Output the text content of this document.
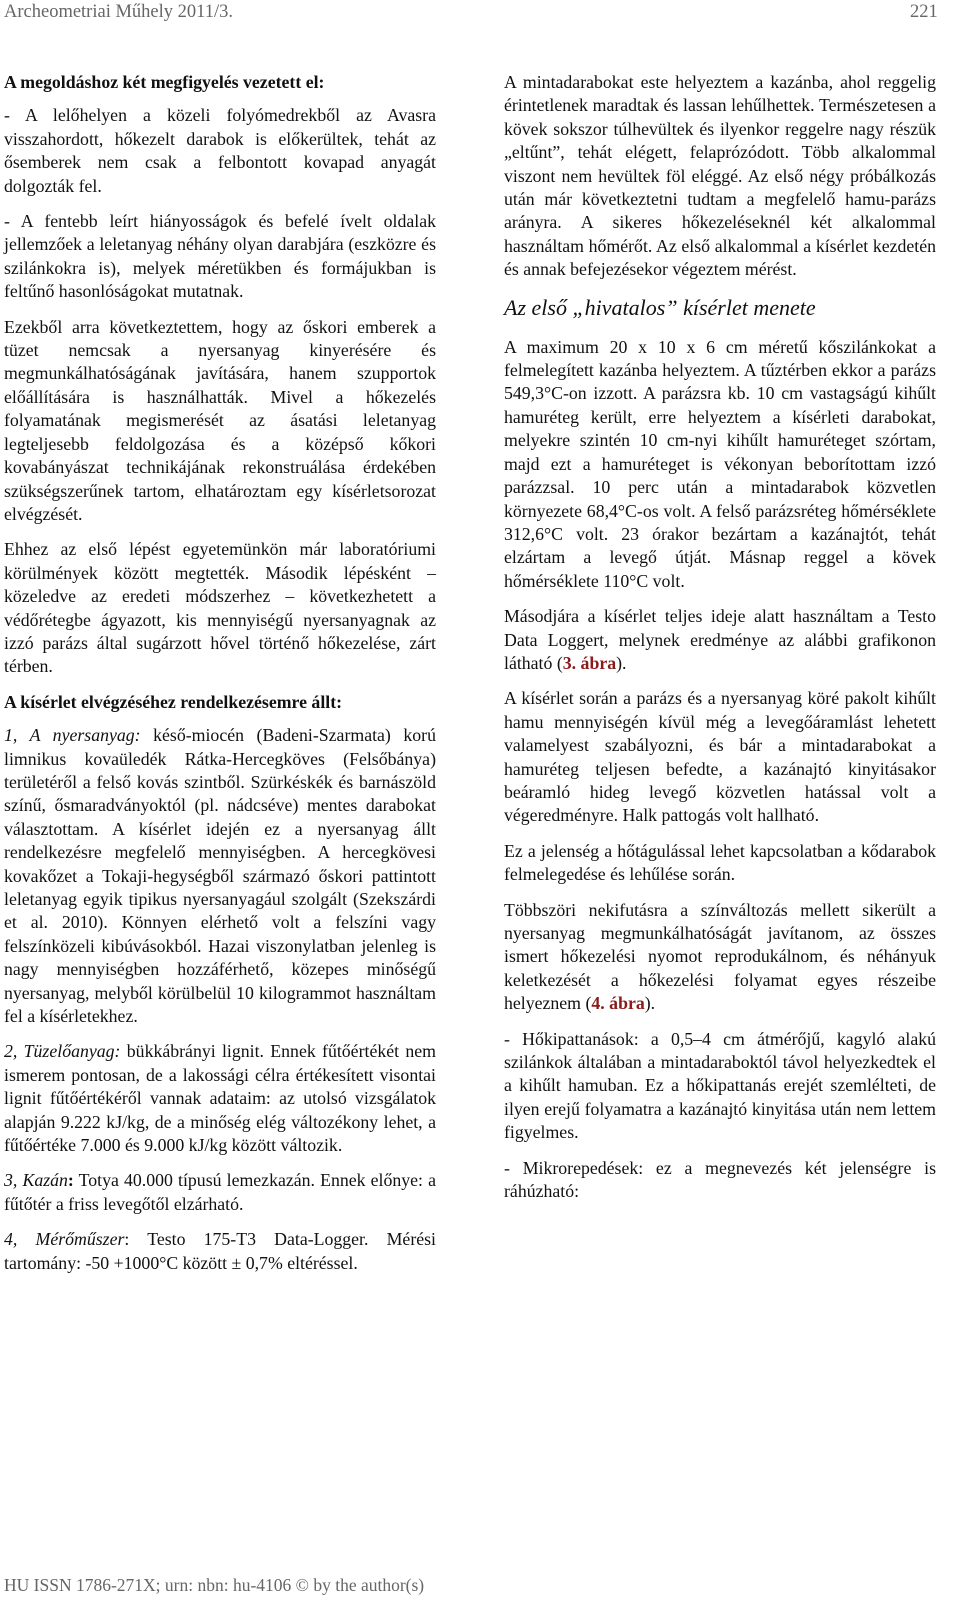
Archeometriai Műhely 2011/3.	221

A megoldáshoz két megfigyelés vezetett el:

- A lelőhelyen a közeli folyómedrekből az Avasra visszahordott, hőkezelt darabok is előkerültek, tehát az ősemberek nem csak a felbontott kovapad anyagát dolgozták fel.

- A fentebb leírt hiányosságok és befelé ívelt oldalak jellemzőek a leletanyag néhány olyan darabjára (eszközre és szilánkokra is), melyek méretükben és formájukban is feltűnő hasonlóságokat mutatnak.

Ezekből arra következtettem, hogy az őskori emberek a tüzet nemcsak a nyersanyag kinyerésére és megmunkálhatóságának javítására, hanem szupportok előállítására is használhatták. Mivel a hőkezelés folyamatának megismerését az ásatási leletanyag legteljesebb feldolgozása és a középső kőkori kovabányászat technikájának rekonstruálása érdekében szükségszerűnek tartom, elhatároztam egy kísérletsorozat elvégzését.

Ehhez az első lépést egyetemünkön már laboratóriumi körülmények között megtették. Második lépésként – közeledve az eredeti módszerhez – következhetett a védőrétegbe ágyazott, kis mennyiségű nyersanyagnak az izzó parázs által sugárzott hővel történő hőkezelése, zárt térben.

A kísérlet elvégzéséhez rendelkezésemre állt:

1, A nyersanyag: késő-miocén (Badeni-Szarmata) korú limnikus kovaüledék Rátka-Hercegköves (Felsőbánya) területéről a felső kovás szintből. Szürkéskék és barnászöld színű, ősmaradványoktól (pl. nádcséve) mentes darabokat választottam. A kísérlet idején ez a nyersanyag állt rendelkezésre megfelelő mennyiségben. A hercegkövesi kovakőzet a Tokaji-hegységből származó őskori pattintott leletanyag egyik tipikus nyersanyagául szolgált (Szekszárdi et al. 2010). Könnyen elérhető volt a felszíni vagy felszínközeli kibúvásokból. Hazai viszonylatban jelenleg is nagy mennyiségben hozzáférhető, közepes minőségű nyersanyag, melyből körülbelül 10 kilogrammot használtam fel a kísérletekhez.

2, Tüzelőanyag: bükkábrányi lignit. Ennek fűtőértékét nem ismerem pontosan, de a lakossági célra értékesített visontai lignit fűtőértékéről vannak adataim: az utolsó vizsgálatok alapján 9.222 kJ/kg, de a minőség elég változékony lehet, a fűtőértéke 7.000 és 9.000 kJ/kg között változik.

3, Kazán: Totya 40.000 típusú lemezkazán. Ennek előnye: a fűtőtér a friss levegőtől elzárható.

4, Mérőműszer: Testo 175-T3 Data-Logger. Mérési tartomány: -50 +1000°C között ± 0,7% eltéréssel.

A mintadarabokat este helyeztem a kazánba, ahol reggelig érintetlenek maradtak és lassan lehűlhettek. Természetesen a kövek sokszor túlhevültek és ilyenkor reggelre nagy részük „eltűnt”, tehát elégett, felaprózódott. Több alkalommal viszont nem hevültek föl eléggé. Az első négy próbálkozás után már következtetni tudtam a megfelelő hamu-parázs arányra. A sikeres hőkezeléseknél két alkalommal használtam hőmérőt. Az első alkalommal a kísérlet kezdetén és annak befejezésekor végeztem mérést.

Az első „hivatalos” kísérlet menete

A maximum 20 x 10 x 6 cm méretű kőszilánkokat a felmelegített kazánba helyeztem. A tűztérben ekkor a parázs 549,3°C-on izzott. A parázsra kb. 10 cm vastagságú kihűlt hamuréteg került, erre helyeztem a kísérleti darabokat, melyekre szintén 10 cm-nyi kihűlt hamuréteget szórtam, majd ezt a hamuréteget is vékonyan beborítottam izzó parázzsal. 10 perc után a mintadarabok közvetlen környezete 68,4°C-os volt. A felső parázsréteg hőmérséklete 312,6°C volt. 23 órakor bezártam a kazánajtót, tehát elzártam a levegő útját. Másnap reggel a kövek hőmérséklete 110°C volt.

Másodjára a kísérlet teljes ideje alatt használtam a Testo Data Loggert, melynek eredménye az alábbi grafikonon látható (3. ábra).

A kísérlet során a parázs és a nyersanyag köré pakolt kihűlt hamu mennyiségén kívül még a levegőáramlást lehetett valamelyest szabályozni, és bár a mintadarabokat a hamuréteg teljesen befedte, a kazánajtó kinyitásakor beáramló hideg levegő közvetlen hatással volt a végeredményre. Halk pattogás volt hallható.

Ez a jelenség a hőtágulással lehet kapcsolatban a kődarabok felmelegedése és lehűlése során.

Többszöri nekifutásra a színváltozás mellett sikerült a nyersanyag megmunkálhatóságát javítanom, az összes ismert hőkezelési nyomot reprodukálnom, és néhányuk keletkezését a hőkezelési folyamat egyes részeibe helyeznem (4. ábra).

- Hőkipattanások: a 0,5–4 cm átmérőjű, kagyló alakú szilánkok általában a mintadaraboktól távol helyezkedtek el a kihűlt hamuban. Ez a hőkipattanás erejét szemlélteti, de ilyen erejű folyamatra a kazánajtó kinyitása után nem lettem figyelmes.

- Mikrorepedések: ez a megnevezés két jelenségre is ráhúzható:

HU ISSN 1786-271X; urn: nbn: hu-4106 © by the author(s)
